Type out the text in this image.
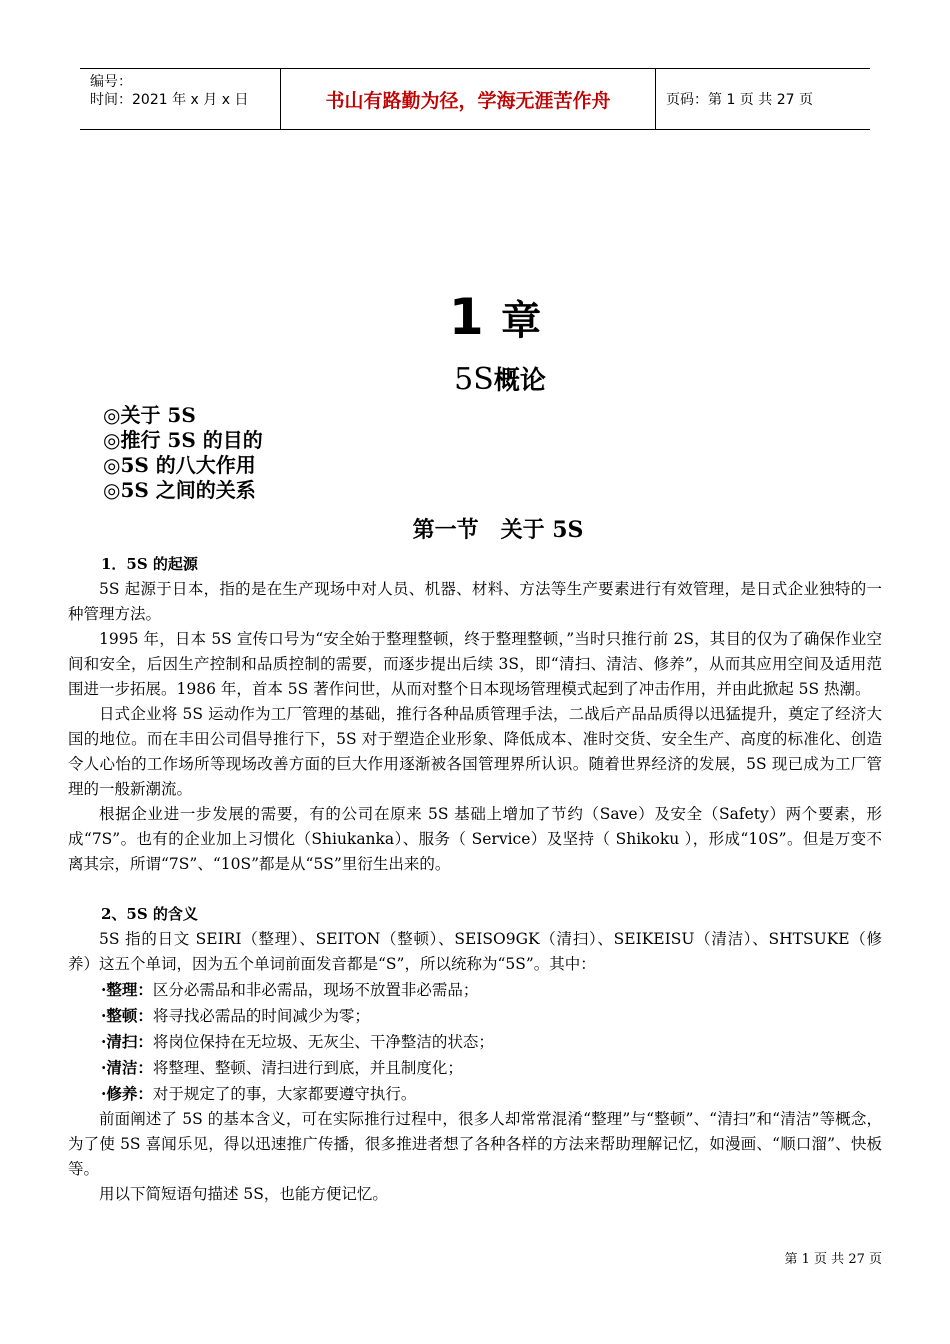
编号：
时间：2021 年 x 月 x 日	书山有路勤为径，学海无涯苦作舟	页码：第 1 页 共 27 页
1 章
5S概论
◎关于 5S
◎推行 5S 的目的
◎5S 的八大作用
◎5S 之间的关系
第一节　关于 5S

1．5S 的起源

5S 起源于日本，指的是在生产现场中对人员、机器、材料、方法等生产要素进行有效管理，是日式企业独特的一种管理方法。

1995 年，日本 5S 宣传口号为“安全始于整理整顿，终于整理整顿，”当时只推行前 2S，其目的仅为了确保作业空间和安全，后因生产控制和品质控制的需要，而逐步提出后续 3S，即“清扫、清洁、修养”，从而其应用空间及适用范围进一步拓展。1986 年，首本 5S 著作问世，从而对整个日本现场管理模式起到了冲击作用，并由此掀起 5S 热潮。

日式企业将 5S 运动作为工厂管理的基础，推行各种品质管理手法，二战后产品品质得以迅猛提升，奠定了经济大国的地位。而在丰田公司倡导推行下，5S 对于塑造企业形象、降低成本、准时交货、安全生产、高度的标准化、创造令人心怡的工作场所等现场改善方面的巨大作用逐渐被各国管理界所认识。随着世界经济的发展，5S 现已成为工厂管理的一般新潮流。

根据企业进一步发展的需要，有的公司在原来 5S 基础上增加了节约（Save）及安全（Safety）两个要素，形成“7S”。也有的企业加上习惯化（Shiukanka）、服务（ Service）及坚持（ Shikoku ），形成“10S”。但是万变不离其宗，所谓“7S”、“10S”都是从“5S”里衍生出来的。

2、5S 的含义

5S 指的日文 SEIRI（整理）、SEITON（整顿）、SEISO9GK（清扫）、SEIKEISU（清洁）、SHTSUKE（修养）这五个单词，因为五个单词前面发音都是“S”，所以统称为“5S”。其中：

·整理：区分必需品和非必需品，现场不放置非必需品；

·整顿：将寻找必需品的时间减少为零；

·清扫：将岗位保持在无垃圾、无灰尘、干净整洁的状态；

·清洁：将整理、整顿、清扫进行到底，并且制度化；

·修养：对于规定了的事，大家都要遵守执行。

前面阐述了 5S 的基本含义，可在实际推行过程中，很多人却常常混淆“整理”与“整顿”、“清扫”和“清洁”等概念，为了使 5S 喜闻乐见，得以迅速推广传播，很多推进者想了各种各样的方法来帮助理解记忆，如漫画、“顺口溜”、快板等。

用以下简短语句描述 5S，也能方便记忆。

第 1 页 共 27 页
